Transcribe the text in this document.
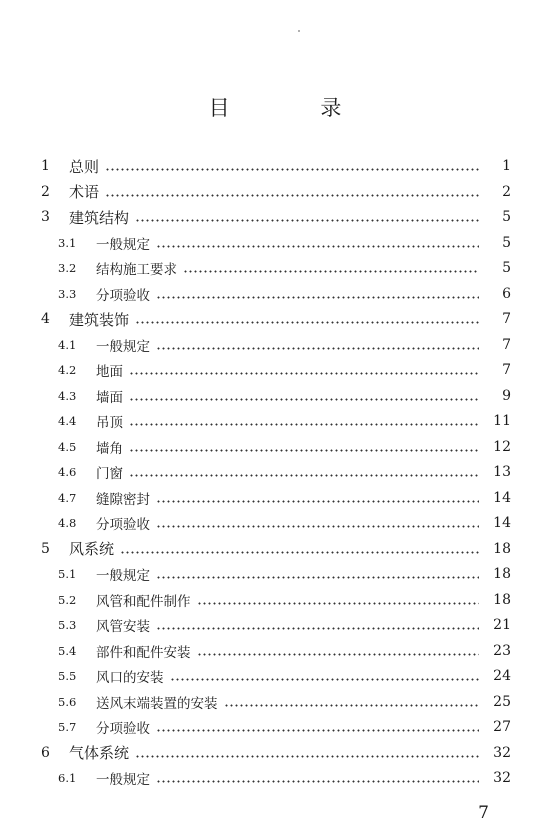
目 录
1	总则	1
2	术语	2
3	建筑结构	5
3.1	一般规定	5
3.2	结构施工要求	5
3.3	分项验收	6
4	建筑装饰	7
4.1	一般规定	7
4.2	地面	7
4.3	墙面	9
4.4	吊顶	11
4.5	墙角	12
4.6	门窗	13
4.7	缝隙密封	14
4.8	分项验收	14
5	风系统	18
5.1	一般规定	18
5.2	风管和配件制作	18
5.3	风管安装	21
5.4	部件和配件安装	23
5.5	风口的安装	24
5.6	送风末端装置的安装	25
5.7	分项验收	27
6	气体系统	32
6.1	一般规定	32
7
